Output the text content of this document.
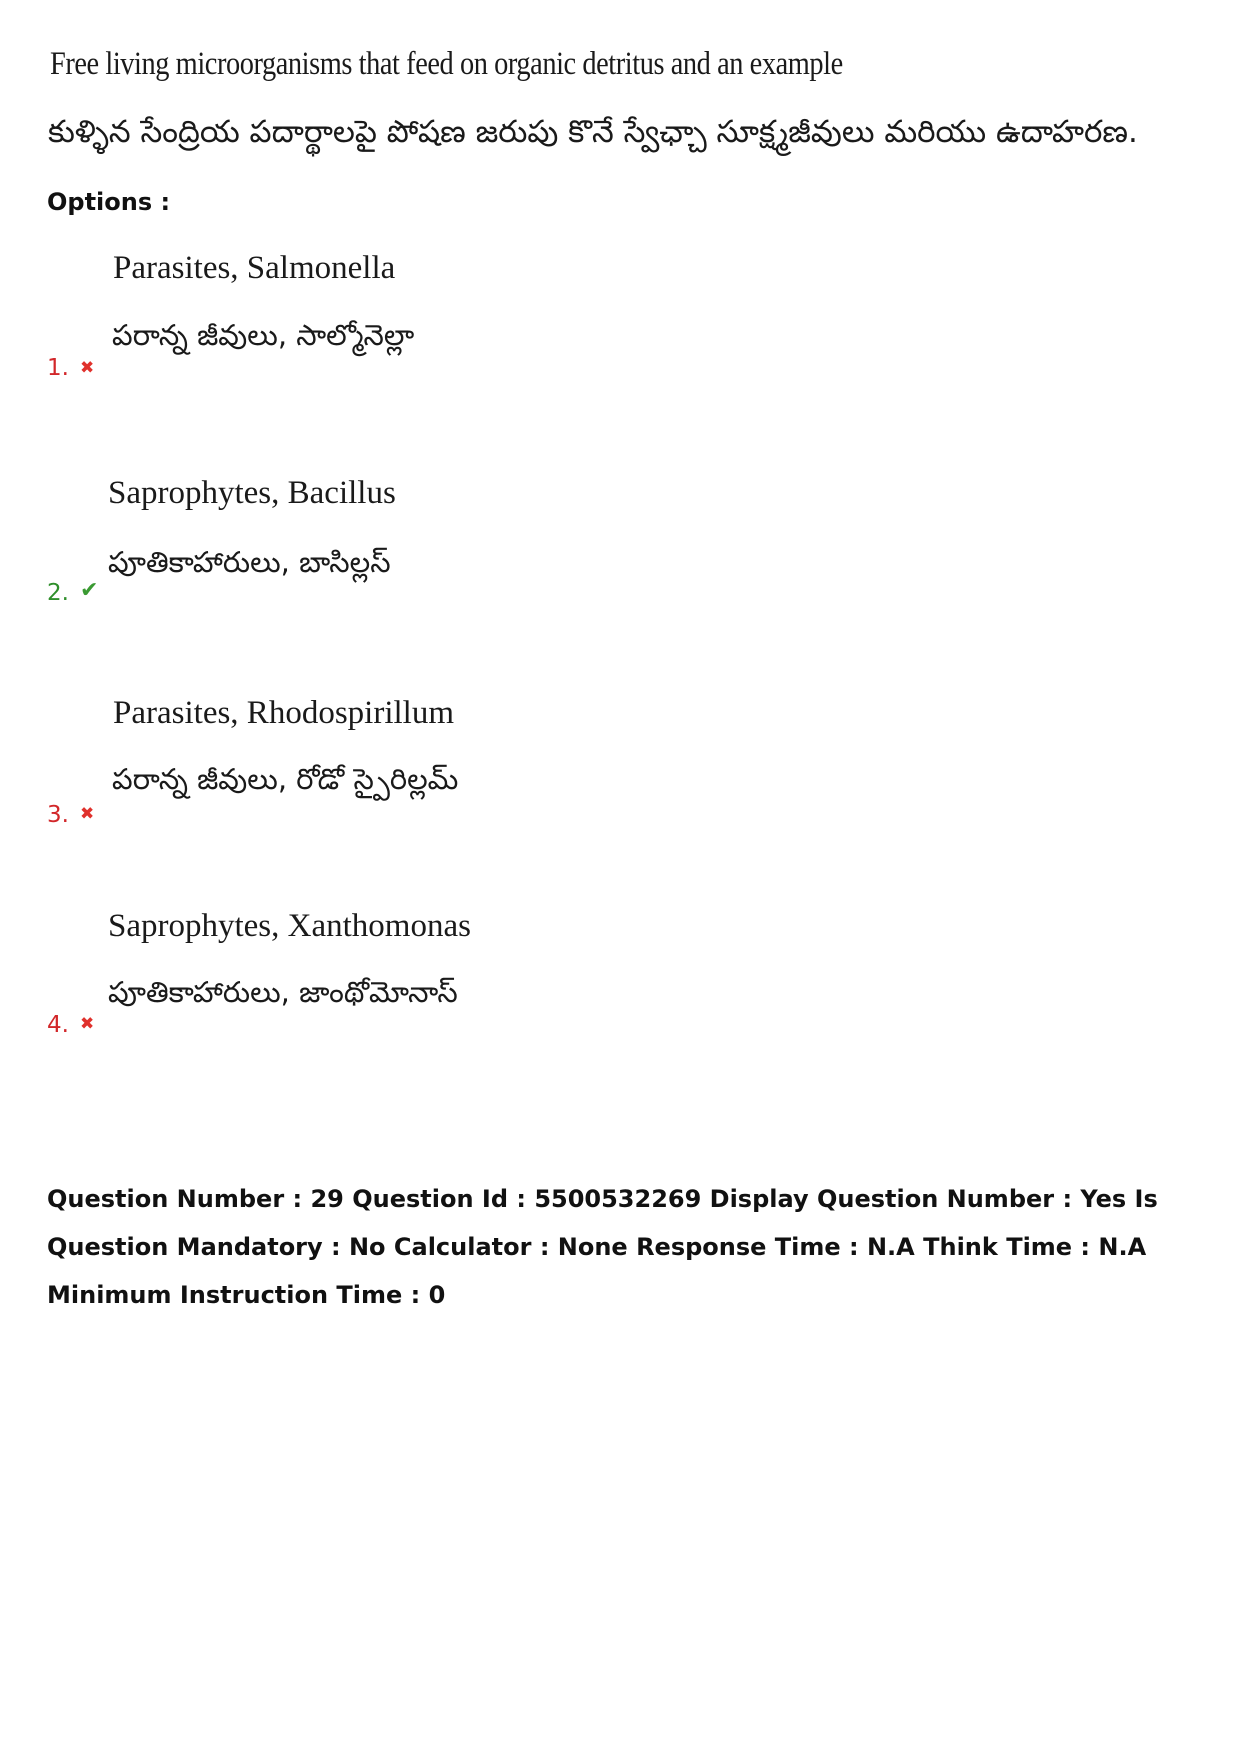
Free living microorganisms that feed on organic detritus and an example
కుళ్ళిన సేంద్రియ పదార్థాలపై పోషణ జరుపు కొనే స్వేఛ్చా సూక్ష్మజీవులు మరియు ఉదాహరణ.
Options :
Parasites, Salmonella
పరాన్న జీవులు, సాల్మోనెల్లా
1. ✖
Saprophytes, Bacillus
పూతికాహారులు, బాసిల్లస్
2. ✔
Parasites, Rhodospirillum
పరాన్న జీవులు, రోడో స్పైరిల్లమ్
3. ✖
Saprophytes, Xanthomonas
పూతికాహారులు, జాంథోమోనాస్
4. ✖
Question Number : 29 Question Id : 5500532269 Display Question Number : Yes Is Question Mandatory : No Calculator : None Response Time : N.A Think Time : N.A Minimum Instruction Time : 0
